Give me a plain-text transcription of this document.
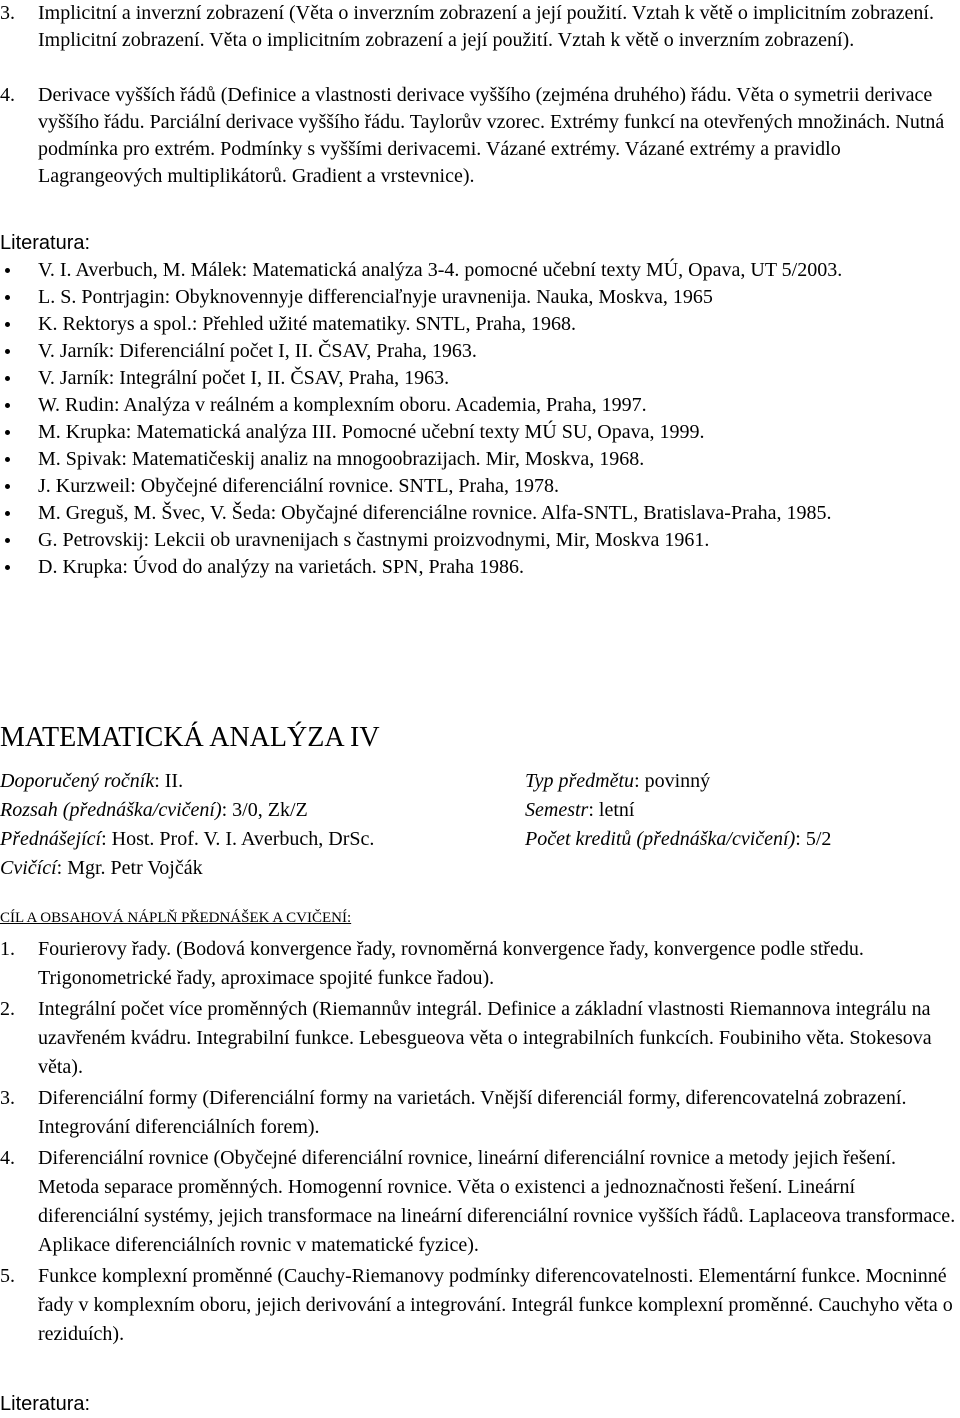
3. Implicitní a inverzní zobrazení (Věta o inverzním zobrazení a její použití. Vztah k větě o implicitním zobrazení. Implicitní zobrazení. Věta o implicitním zobrazení a její použití. Vztah k větě o inverzním zobrazení).
4. Derivace vyšších řádů (Definice a vlastnosti derivace vyššího (zejména druhého) řádu. Věta o symetrii derivace vyššího řádu. Parciální derivace vyššího řádu. Taylorův vzorec. Extrémy funkcí na otevřených množinách. Nutná podmínka pro extrém. Podmínky s vyššími derivacemi. Vázané extrémy. Vázané extrémy a pravidlo Lagrangeových multiplikátorů. Gradient a vrstevnice).
Literatura:
V. I. Averbuch, M. Málek: Matematická analýza 3-4. pomocné učební texty MÚ, Opava, UT 5/2003.
L. S. Pontrjagin: Obyknovennyje differenciaľnyje uravnenija. Nauka, Moskva, 1965
K. Rektorys a spol.: Přehled užité matematiky. SNTL, Praha, 1968.
V. Jarník: Diferenciální počet I, II. ČSAV, Praha, 1963.
V. Jarník: Integrální počet I, II. ČSAV, Praha, 1963.
W. Rudin: Analýza v reálném a komplexním oboru. Academia, Praha, 1997.
M. Krupka: Matematická analýza III. Pomocné učební texty MÚ SU, Opava, 1999.
M. Spivak: Matematičeskij analiz na mnogoobrazijach. Mir, Moskva, 1968.
J. Kurzweil: Obyčejné diferenciální rovnice. SNTL, Praha, 1978.
M. Greguš, M. Švec, V. Šeda: Obyčajné diferenciálne rovnice. Alfa-SNTL, Bratislava-Praha, 1985.
G. Petrovskij: Lekcii ob uravnenijach s častnymi proizvodnymi, Mir, Moskva 1961.
D. Krupka: Úvod do analýzy na varietách. SPN, Praha 1986.
MATEMATICKÁ ANALÝZA IV
Doporučený ročník: II.
Rozsah (přednáška/cvičení): 3/0, Zk/Z
Přednášející: Host. Prof. V. I. Averbuch, DrSc.
Cvičící: Mgr. Petr Vojčák
Typ předmětu: povinný
Semestr: letní
Počet kreditů (přednáška/cvičení): 5/2
CÍL A OBSAHOVÁ NÁPLŇ PŘEDNÁŠEK A CVIČENÍ:
1. Fourierovy řady. (Bodová konvergence řady, rovnoměrná konvergence řady, konvergence podle středu. Trigonometrické řady, aproximace spojité funkce řadou).
2. Integrální počet více proměnných (Riemannův integrál. Definice a základní vlastnosti Riemannova integrálu na uzavřeném kvádru. Integrabilní funkce. Lebesgueova věta o integrabilních funkcích. Foubiniho věta. Stokesova věta).
3. Diferenciální formy (Diferenciální formy na varietách. Vnější diferenciál formy, diferencovatelná zobrazení. Integrování diferenciálních forem).
4. Diferenciální rovnice (Obyčejné diferenciální rovnice, lineární diferenciální rovnice a metody jejich řešení. Metoda separace proměnných. Homogenní rovnice. Věta o existenci a jednoznačnosti řešení. Lineární diferenciální systémy, jejich transformace na lineární diferenciální rovnice vyšších řádů. Laplaceova transformace. Aplikace diferenciálních rovnic v matematické fyzice).
5. Funkce komplexní proměnné (Cauchy-Riemanovy podmínky diferencovatelnosti. Elementární funkce. Mocninné řady v komplexním oboru, jejich derivování a integrování. Integrál funkce komplexní proměnné. Cauchyho věta o reziduích).
Literatura:
